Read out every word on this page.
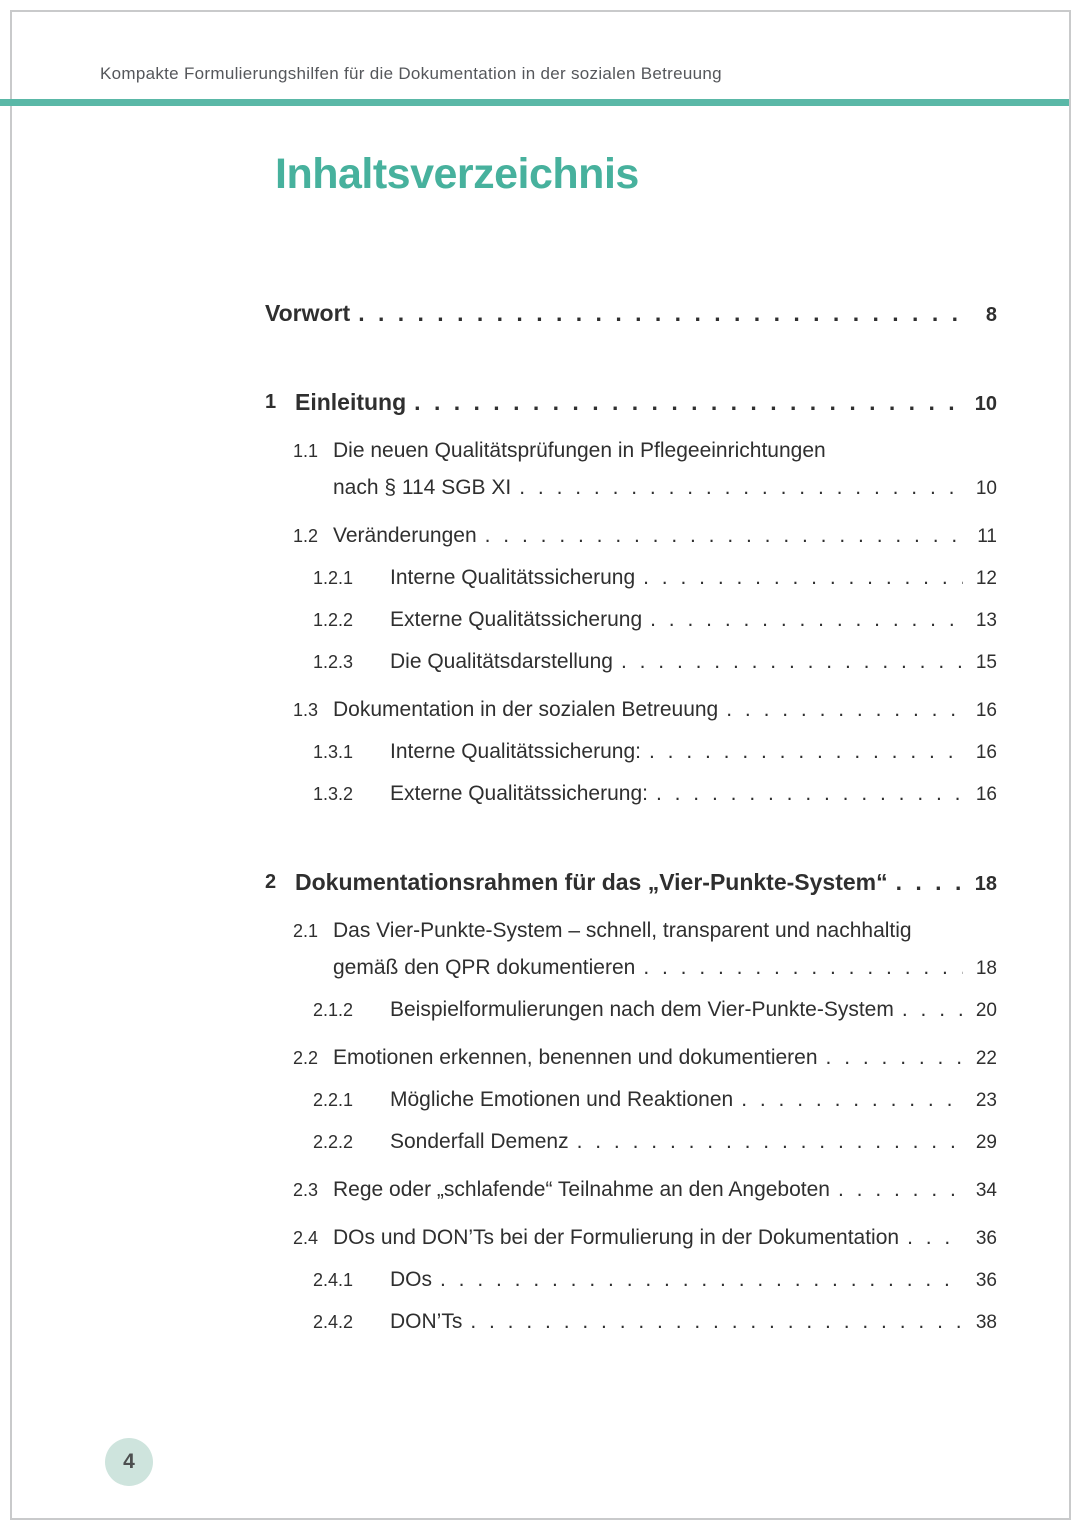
Kompakte Formulierungshilfen für die Dokumentation in der sozialen Betreuung
Inhaltsverzeichnis
Vorwort . . .	8
1 Einleitung . . .	10
1.1 Die neuen Qualitätsprüfungen in Pflegeeinrichtungen
nach § 114 SGB XI . . .	10
1.2 Veränderungen . . .	11
1.2.1	Interne Qualitätssicherung . . .	12
1.2.2	Externe Qualitätssicherung . . .	13
1.2.3	Die Qualitätsdarstellung . . .	15
1.3 Dokumentation in der sozialen Betreuung . . .	16
1.3.1	Interne Qualitätssicherung: . . .	16
1.3.2	Externe Qualitätssicherung: . . .	16
2 Dokumentationsrahmen für das „Vier-Punkte-System“ . . .	18
2.1 Das Vier-Punkte-System – schnell, transparent und nachhaltig
gemäß den QPR dokumentieren . . .	18
2.1.2	Beispielformulierungen nach dem Vier-Punkte-System . . .	20
2.2 Emotionen erkennen, benennen und dokumentieren . . .	22
2.2.1	Mögliche Emotionen und Reaktionen . . .	23
2.2.2	Sonderfall Demenz . . .	29
2.3 Rege oder „schlafende“ Teilnahme an den Angeboten . . .	34
2.4 DOs und DON’Ts bei der Formulierung in der Dokumentation . . .	36
2.4.1	DOs . . .	36
2.4.2	DON’Ts . . .	38
4
